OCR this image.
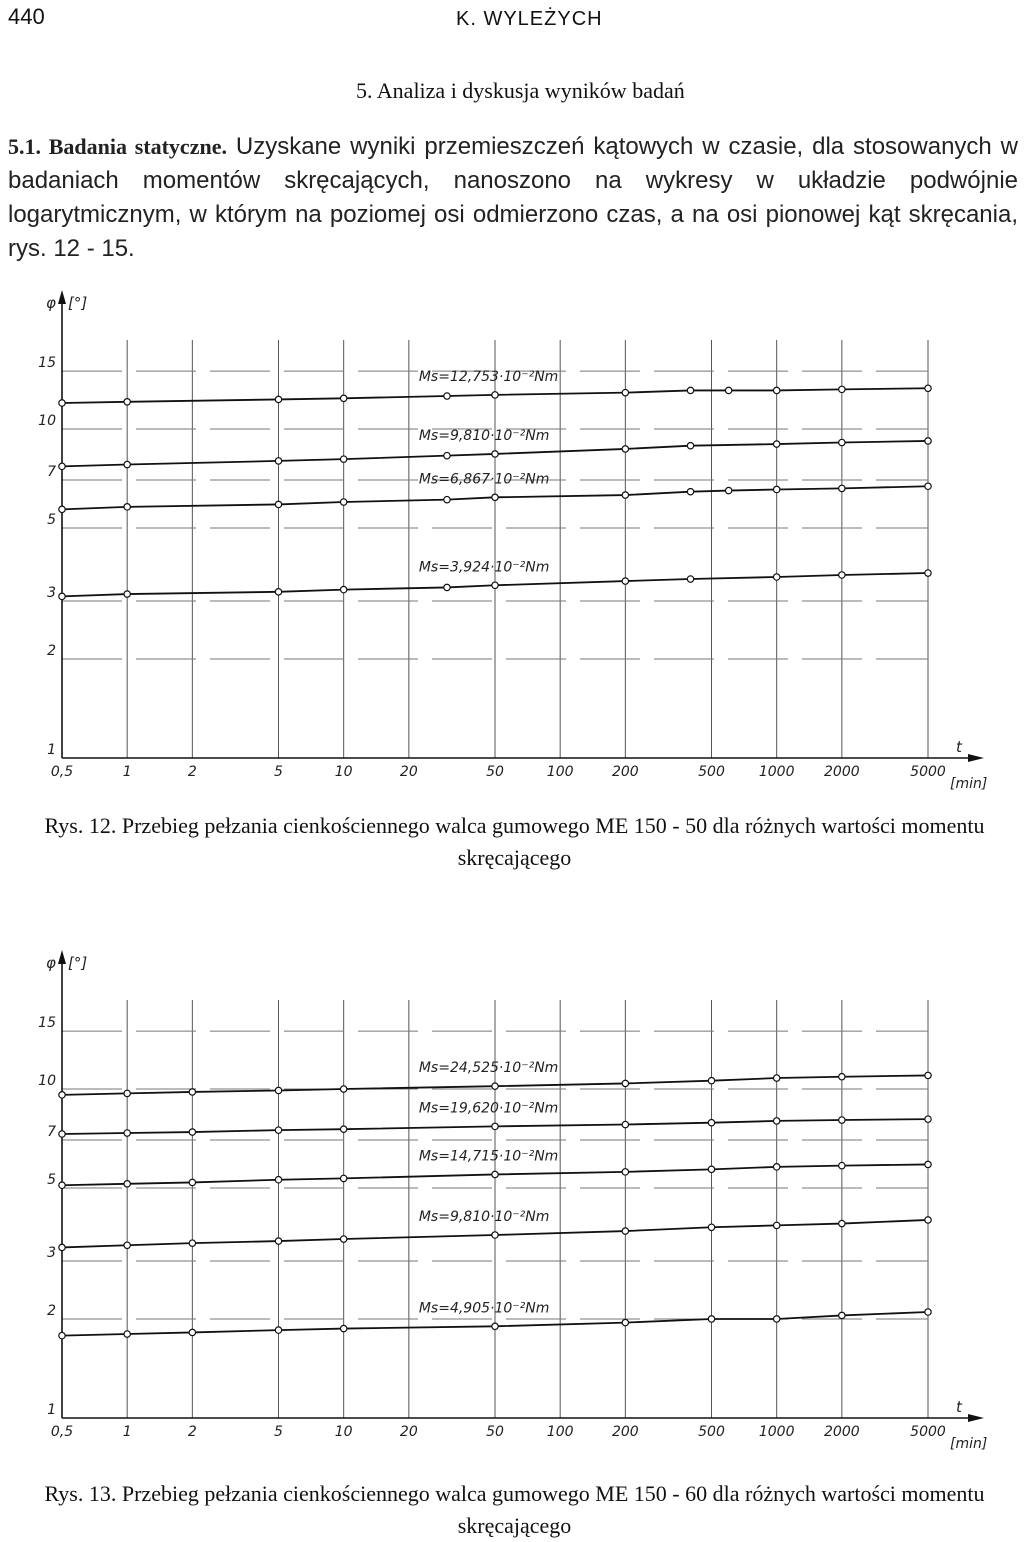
440	K. WYLEŻYCH
5. Analiza i dyskusja wyników badań
5.1. Badania statyczne. Uzyskane wyniki przemieszczeń kątowych w czasie, dla stosowanych w badaniach momentów skręcających, nanoszono na wykresy w układzie podwójnie logarytmicznym, w którym na poziomej osi odmierzono czas, a na osi pionowej kąt skręcania, rys. 12 - 15.
φ [°]
t
[min]
0,5	1	2	5	10	20	50	100	200	500 1000 2000	5000
1
2
3
5
7
10
15
Ms=12,753·10⁻²Nm
Ms=9,810·10⁻²Nm
Ms=6,867·10⁻²Nm
Ms=3,924·10⁻²Nm
Rys. 12. Przebieg pełzania cienkościennego walca gumowego ME 150 - 50 dla różnych wartości momentu skręcającego
φ [°]
t
[min]
0,5	1	2	5	10	20	50	100	200	500 1000 2000	5000
1
2
3
5
7
10
15
Ms=24,525·10⁻²Nm
Ms=19,620·10⁻²Nm
Ms=14,715·10⁻²Nm
Ms=9,810·10⁻²Nm
Ms=4,905·10⁻²Nm
Rys. 13. Przebieg pełzania cienkościennego walca gumowego ME 150 - 60 dla różnych wartości momentu skręcającego
